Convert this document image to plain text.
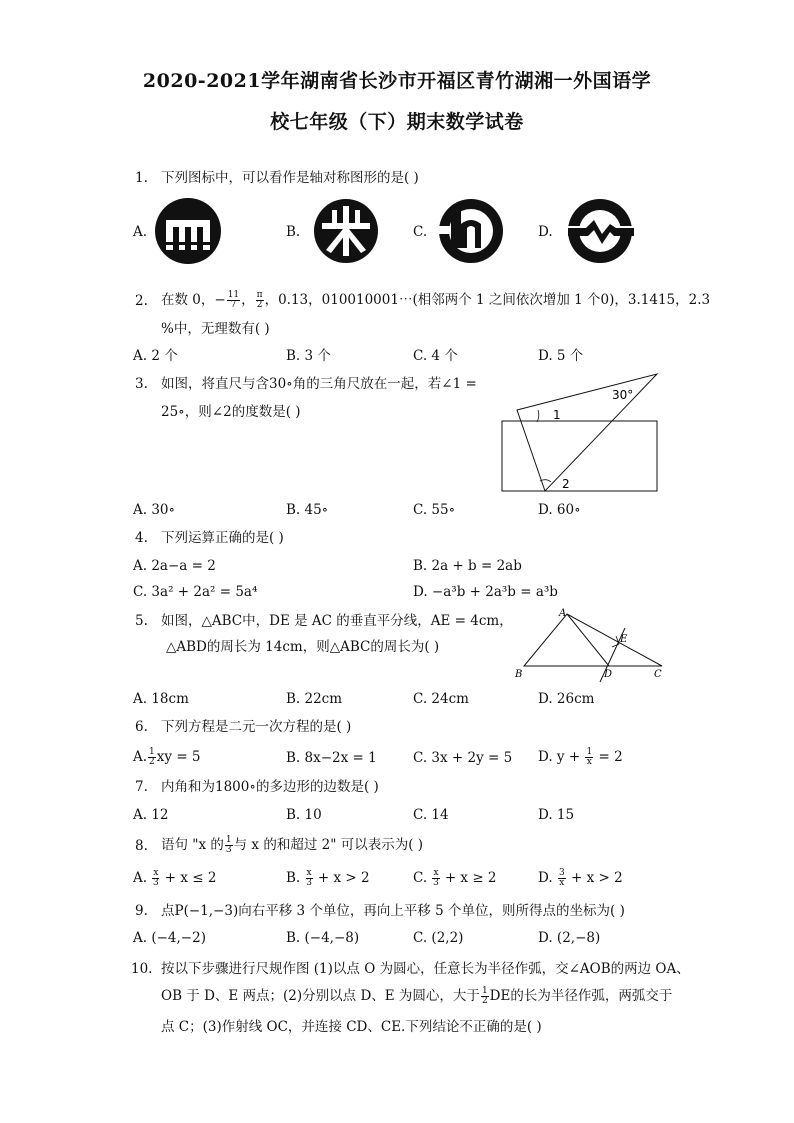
2020-2021学年湖南省长沙市开福区青竹湖湘一外国语学
校七年级（下）期末数学试卷
1. 下列图标中，可以看作是轴对称图形的是( )
A.	B.	C.	D.
2. 在数 0，− $\frac{11}{7}$ ， $\frac{\pi}{2}$ ，0.13，010010001⋯(相邻两个 1 之间依次增加 1 个0)，3.1415，2.3
%中，无理数有( )
A. 2 个	B. 3 个	C. 4 个	D. 5 个
3. 如图，将直尺与含30∘角的三角尺放在一起，若∠1 =
25∘，则∠2的度数是( )
30°
1
2
A. 30∘	B. 45∘	C. 55∘	D. 60∘
4. 下列运算正确的是( )
A. 2a−a = 2	B. 2a + b = 2ab
C. 3a² + 2a² = 5a⁴	D. −a³b + 2a³b = a³b
5. 如图，△ABC中，DE 是 AC 的垂直平分线，AE = 4cm，
△ABD的周长为 14cm，则△ABC的周长为( )
A
B	C
D
E
A. 18cm	B. 22cm	C. 24cm	D. 26cm
6. 下列方程是二元一次方程的是( )
A. $\frac{1}{2}$ xy = 5	B. 8x−2x = 1	C. 3x + 2y = 5 D. $y + \frac{1}{x} = 2$
7. 内角和为1800∘的多边形的边数是( )
A. 12	B. 10	C. 14	D. 15
8. 语句 "x 的 $\frac{1}{3}$ 与 x 的和超过 2" 可以表示为( )
A. $\frac{x}{3} + x \le 2$	B. $\frac{x}{3} + x > 2$	C. $\frac{x}{3} + x \ge 2$	D. $\frac{3}{x} + x > 2$
9. 点P(−1,−3)向右平移 3 个单位，再向上平移 5 个单位，则所得点的坐标为( )
A. (−4,−2)	B. (−4,−8)	C. (2,2)	D. (2,−8)
10. 按以下步骤进行尺规作图 (1)以点 O 为圆心，任意长为半径作弧，交∠AOB的两边 OA、
OB 于 D、E 两点；(2)分别以点 D、E 为圆心，大于 $\frac{1}{2}$ DE的长为半径作弧，两弧交于
点 C；(3)作射线 OC，并连接 CD、CE.下列结论不正确的是( )
